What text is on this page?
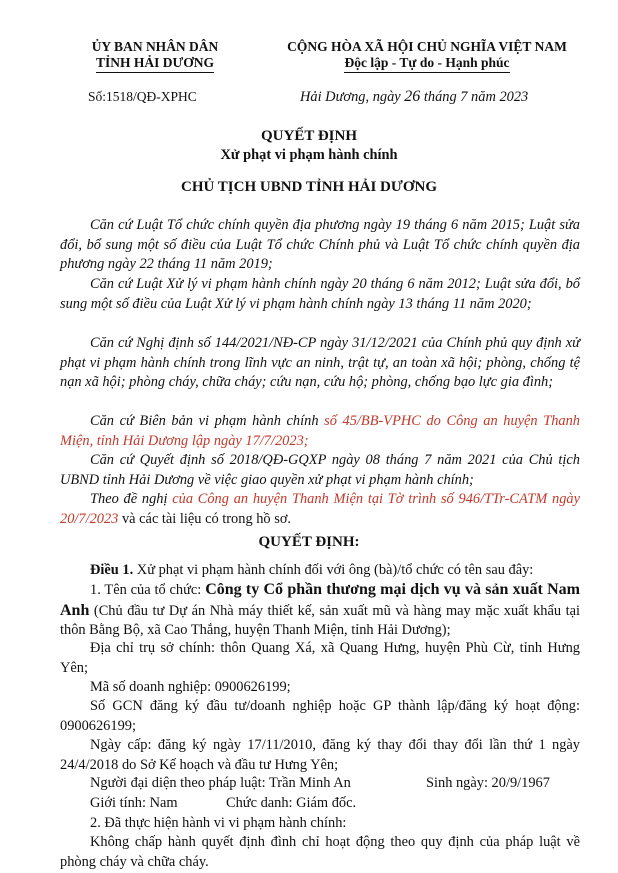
ỦY BAN NHÂN DÂN
TỈNH HẢI DƯƠNG
CỘNG HÒA XÃ HỘI CHỦ NGHĨA VIỆT NAM
Độc lập - Tự do - Hạnh phúc
Số:1518/QĐ-XPHC	Hải Dương, ngày 26 tháng 7 năm 2023
QUYẾT ĐỊNH
Xử phạt vi phạm hành chính
CHỦ TỊCH UBND TỈNH HẢI DƯƠNG
Căn cứ Luật Tổ chức chính quyền địa phương ngày 19 tháng 6 năm 2015; Luật sửa đổi, bổ sung một số điều của Luật Tổ chức Chính phủ và Luật Tổ chức chính quyền địa phương ngày 22 tháng 11 năm 2019;
Căn cứ Luật Xử lý vi phạm hành chính ngày 20 tháng 6 năm 2012; Luật sửa đổi, bổ sung một số điều của Luật Xử lý vi phạm hành chính ngày 13 tháng 11 năm 2020;
Căn cứ Nghị định số 144/2021/NĐ-CP ngày 31/12/2021 của Chính phủ quy định xử phạt vi phạm hành chính trong lĩnh vực an ninh, trật tự, an toàn xã hội; phòng, chống tệ nạn xã hội; phòng cháy, chữa cháy; cứu nạn, cứu hộ; phòng, chống bạo lực gia đình;
Căn cứ Biên bản vi phạm hành chính số 45/BB-VPHC do Công an huyện Thanh Miện, tỉnh Hải Dương lập ngày 17/7/2023;
Căn cứ Quyết định số 2018/QĐ-GQXP ngày 08 tháng 7 năm 2021 của Chủ tịch UBND tỉnh Hải Dương về việc giao quyền xử phạt vi phạm hành chính;
Theo đề nghị của Công an huyện Thanh Miện tại Tờ trình số 946/TTr-CATM ngày 20/7/2023 và các tài liệu có trong hồ sơ.
QUYẾT ĐỊNH:
Điều 1. Xử phạt vi phạm hành chính đối với ông (bà)/tổ chức có tên sau đây:
1. Tên của tổ chức: Công ty Cổ phần thương mại dịch vụ và sản xuất Nam Anh (Chủ đầu tư Dự án Nhà máy thiết kế, sản xuất mũ và hàng may mặc xuất khẩu tại thôn Bằng Bộ, xã Cao Thắng, huyện Thanh Miện, tỉnh Hải Dương);
Địa chỉ trụ sở chính: thôn Quang Xá, xã Quang Hưng, huyện Phù Cừ, tỉnh Hưng Yên;
Mã số doanh nghiệp: 0900626199;
Số GCN đăng ký đầu tư/doanh nghiệp hoặc GP thành lập/đăng ký hoạt động: 0900626199;
Ngày cấp: đăng ký ngày 17/11/2010, đăng ký thay đổi thay đổi lần thứ 1 ngày 24/4/2018 do Sở Kế hoạch và đầu tư Hưng Yên;
Người đại diện theo pháp luật: Trần Minh An	Sinh ngày: 20/9/1967
Giới tính: Nam	Chức danh: Giám đốc.
2. Đã thực hiện hành vi vi phạm hành chính:
Không chấp hành quyết định đình chỉ hoạt động theo quy định của pháp luật về phòng cháy và chữa cháy.
